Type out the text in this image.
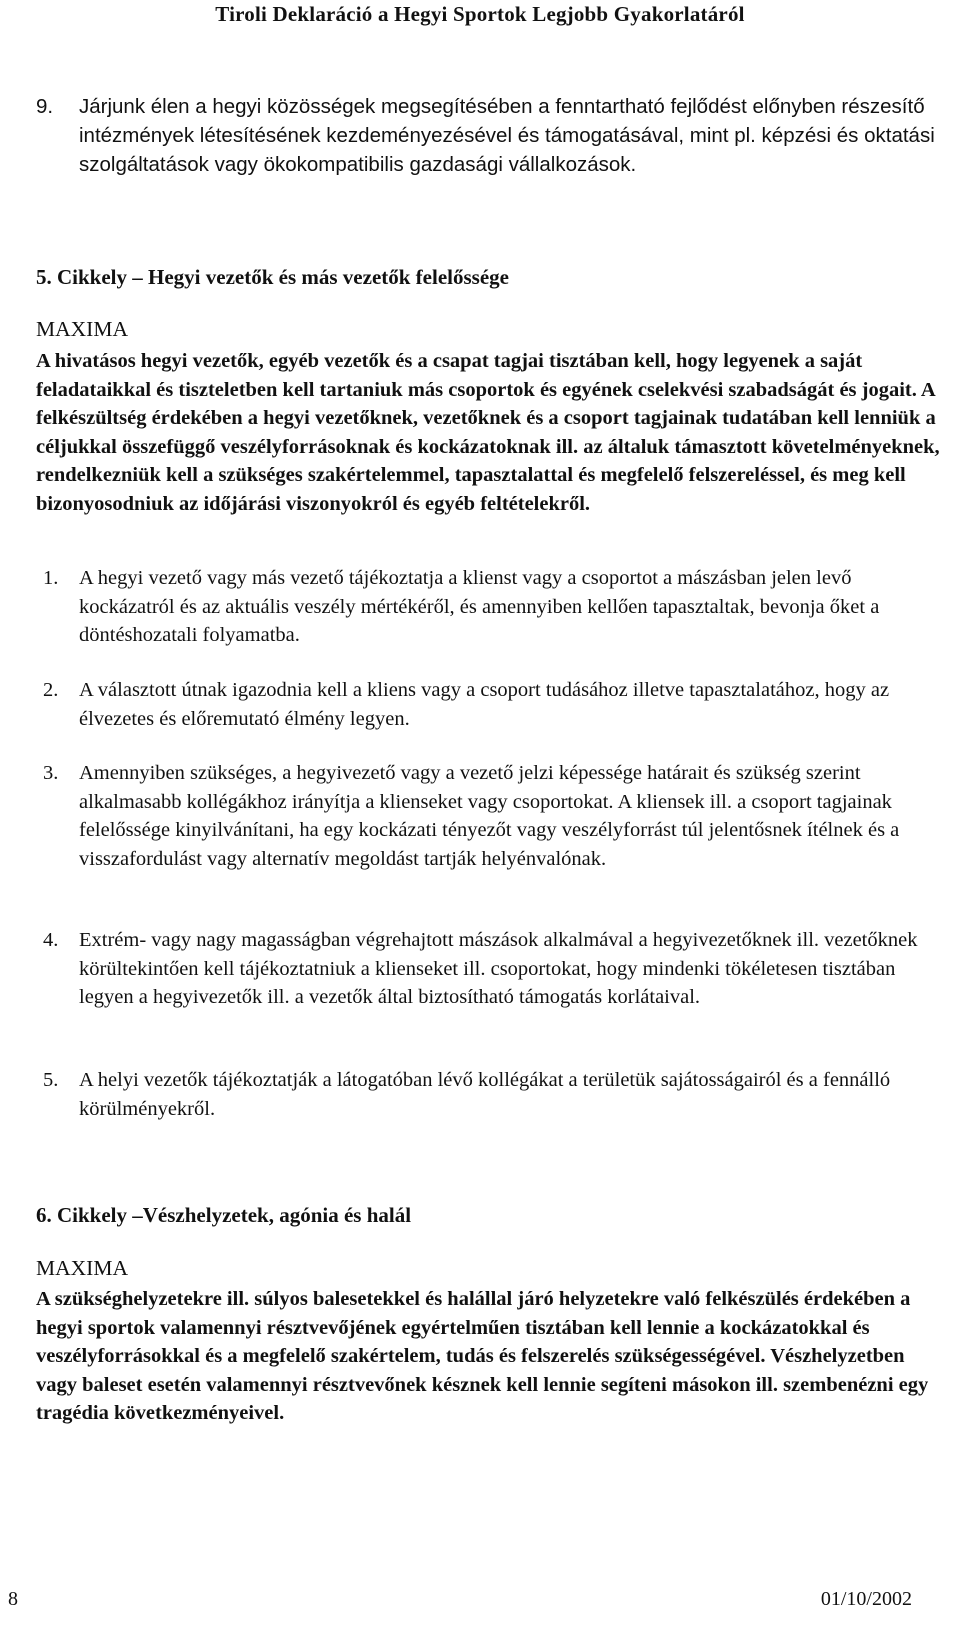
Tiroli Deklaráció a Hegyi Sportok Legjobb Gyakorlatáról
9. Járjunk élen a hegyi közösségek megsegítésében a fenntartható fejlődést előnyben részesítő intézmények létesítésének kezdeményezésével és támogatásával, mint pl. képzési és oktatási szolgáltatások vagy ökokompatibilis gazdasági vállalkozások.
5. Cikkely – Hegyi vezetők és más vezetők felelőssége
MAXIMA
A hivatásos hegyi vezetők, egyéb vezetők és a csapat tagjai tisztában kell, hogy legyenek a saját feladataikkal és tiszteletben kell tartaniuk más csoportok és egyének cselekvési szabadságát és jogait. A felkészültség érdekében a hegyi vezetőknek, vezetőknek és a csoport tagjainak tudatában kell lenniük a céljukkal összefüggő veszélyforrásoknak és kockázatoknak ill. az általuk támasztott követelményeknek, rendelkezniük kell a szükséges szakértelemmel, tapasztalattal és megfelelő felszereléssel, és meg kell bizonyosodniuk az időjárási viszonyokról és egyéb feltételekről.
1. A hegyi vezető vagy más vezető tájékoztatja a klienst vagy a csoportot a mászásban jelen levő kockázatról és az aktuális veszély mértékéről, és amennyiben kellően tapasztaltak, bevonja őket a döntéshozatali folyamatba.
2. A választott útnak igazodnia kell a kliens vagy a csoport tudásához illetve tapasztalatához, hogy az élvezetes és előremutató élmény legyen.
3. Amennyiben szükséges, a hegyivezető vagy a vezető jelzi képessége határait és szükség szerint alkalmasabb kollégákhoz irányítja a klienseket vagy csoportokat. A kliensek ill. a csoport tagjainak felelőssége kinyilvánítani, ha egy kockázati tényezőt vagy veszélyforrást túl jelentősnek ítélnek és a visszafordulást vagy alternatív megoldást tartják helyénvalónak.
4. Extrém- vagy nagy magasságban végrehajtott mászások alkalmával a hegyivezetőknek ill. vezetőknek körültekintően kell tájékoztatniuk a klienseket ill. csoportokat, hogy mindenki tökéletesen tisztában legyen a hegyivezetők ill. a vezetők által biztosítható támogatás korlátaival.
5. A helyi vezetők tájékoztatják a látogatóban lévő kollégákat a területük sajátosságairól és a fennálló körülményekről.
6. Cikkely –Vészhelyzetek, agónia és halál
MAXIMA
A szükséghelyzetekre ill. súlyos balesetekkel és halállal járó helyzetekre való felkészülés érdekében a hegyi sportok valamennyi résztvevőjének egyértelműen tisztában kell lennie a kockázatokkal és veszélyforrásokkal és a megfelelő szakértelem, tudás és felszerelés szükségességével. Vészhelyzetben vagy baleset esetén valamennyi résztvevőnek késznek kell lennie segíteni másokon ill. szembenézni egy tragédia következményeivel.
8	01/10/2002
